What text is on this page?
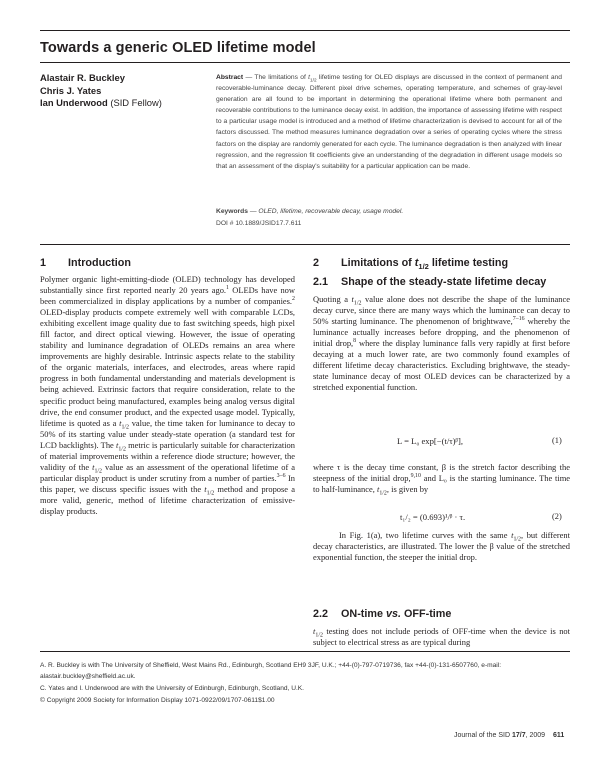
Towards a generic OLED lifetime model
Alastair R. Buckley
Chris J. Yates
Ian Underwood (SID Fellow)
Abstract — The limitations of $t_{1/2}$ lifetime testing for OLED displays are discussed in the context of permanent and recoverable-luminance decay. Different pixel drive schemes, operating temperature, and schemes of gray-level generation are all found to be important in determining the operational lifetime where both permanent and recoverable contributions to the luminance decay exist. In addition, the importance of assessing lifetime with respect to a particular usage model is introduced and a method of lifetime characterization is devised to account for all of the factors discussed. The method measures luminance degradation over a series of operating cycles where the stress factors on the display are randomly generated for each cycle. The luminance degradation is then analyzed with linear regression, and the regression fit coefficients give an understanding of the degradation in different usage models so that an assessment of the display's suitability for a particular application can be made.
Keywords — OLED, lifetime, recoverable decay, usage model.
DOI # 10.1889/JSID17.7.611
1 Introduction

Polymer organic light-emitting-diode (OLED) technology has developed substantially since first reported nearly 20 years ago.$^1$ OLEDs have now been commercialized in display applications by a number of companies.$^2$ OLED-display products compete extremely well with comparable LCDs, exhibiting excellent image quality due to fast switching speeds, high pixel fill factor, and direct optical viewing. However, the issue of operating stability and luminance degradation of OLEDs remains an area where improvements are highly desirable. Intrinsic aspects relate to the stability of the organic materials, interfaces, and electrodes, areas where rapid progress in both fundamental understanding and materials development is being achieved. Extrinsic factors that require consideration, relate to the specific product being manufactured, examples being analog versus digital drive, the end consumer product, and the expected usage model. Typically, lifetime is quoted as a $t_{1/2}$ value, the time taken for luminance to decay to 50% of its starting value under steady-state operation (a standard test for LCD backlights). The $t_{1/2}$ metric is particularly suitable for characterization of material improvements within a reference diode structure; however, the validity of the $t_{1/2}$ value as an assessment of the operational lifetime of a particular display product is under scrutiny from a number of parties.$^{3-6}$ In this paper, we discuss specific issues with the $t_{1/2}$ method and propose a more valid, generic, method of lifetime characterization of emissive-display products.

2 Limitations of $t_{1/2}$ lifetime testing
2.1 Shape of the steady-state lifetime decay

Quoting a $t_{1/2}$ value alone does not describe the shape of the luminance decay curve, since there are many ways which the luminance can decay to 50% starting luminance. The phenomenon of brightwave,$^{7-16}$ whereby the luminance actually increases before dropping, and the phenomenon of initial drop,$^8$ where the display luminance falls very rapidly at first before decaying at a much lower rate, are two commonly found examples of different lifetime decay characteristics. Excluding brightwave, the steady-state luminance decay of most OLED devices can be characterized by a stretched exponential function.

L = L₀ exp[−(t/τ)ᵝ],	(1)

where τ is the decay time constant, β is the stretch factor describing the steepness of the initial drop,$^{9,10}$ and L₀ is the starting luminance. The time to half-luminance, $t_{1/2}$, is given by

t₁/₂ = (0.693)¹/ᵝ · τ.	(2)

In Fig. 1(a), two lifetime curves with the same $t_{1/2}$, but different decay characteristics, are illustrated. The lower the β value of the stretched exponential function, the steeper the initial drop.

2.2 ON-time vs. OFF-time

$t_{1/2}$ testing does not include periods of OFF-time when the device is not subject to electrical stress as are typical during

A. R. Buckley is with The University of Sheffield, West Mains Rd., Edinburgh, Scotland EH9 3JF, U.K.; +44-(0)-797-0719736, fax +44-(0)-131-6507760, e-mail: alastair.buckley@sheffield.ac.uk.
C. Yates and I. Underwood are with the University of Edinburgh, Edinburgh, Scotland, U.K.
© Copyright 2009 Society for Information Display 1071-0922/09/1707-0611$1.00
Journal of the SID 17/7, 2009 611
